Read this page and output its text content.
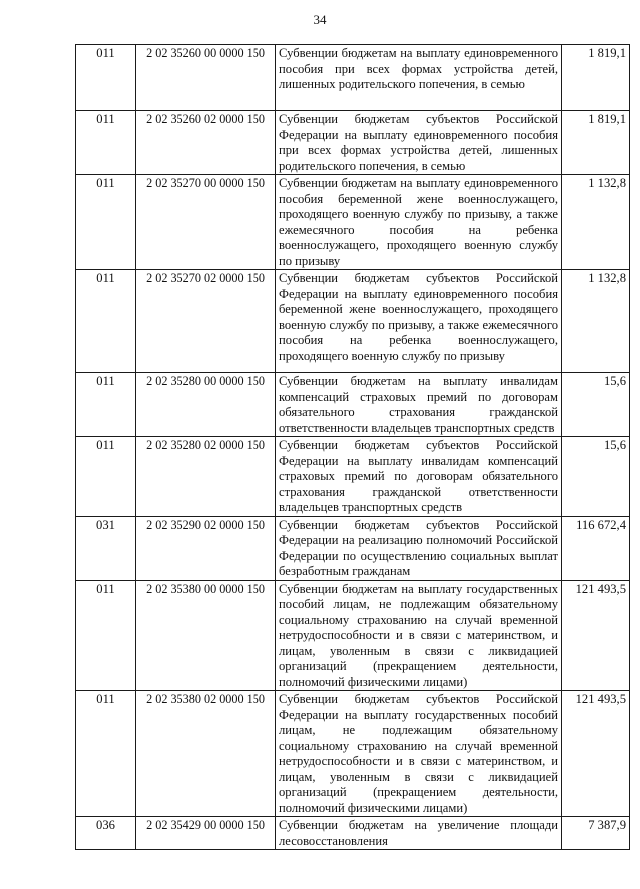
34
011	2 02 35260 00 0000 150	Субвенции бюджетам на выплату единовременного пособия при всех формах устройства детей, лишенных родительского попечения, в семью	1 819,1
011	2 02 35260 02 0000 150	Субвенции бюджетам субъектов Российской Федерации на выплату единовременного пособия при всех формах устройства детей, лишенных родительского попечения, в семью	1 819,1
011	2 02 35270 00 0000 150	Субвенции бюджетам на выплату единовременного пособия беременной жене военнослужащего, проходящего военную службу по призыву, а также ежемесячного пособия на ребенка военнослужащего, проходящего военную службу по призыву	1 132,8
011	2 02 35270 02 0000 150	Субвенции бюджетам субъектов Российской Федерации на выплату единовременного пособия беременной жене военнослужащего, проходящего военную службу по призыву, а также ежемесячного пособия на ребенка военнослужащего, проходящего военную службу по призыву	1 132,8
011	2 02 35280 00 0000 150	Субвенции бюджетам на выплату инвалидам компенсаций страховых премий по договорам обязательного страхования гражданской ответственности владельцев транспортных средств	15,6
011	2 02 35280 02 0000 150	Субвенции бюджетам субъектов Российской Федерации на выплату инвалидам компенсаций страховых премий по договорам обязательного страхования гражданской ответственности владельцев транспортных средств	15,6
031	2 02 35290 02 0000 150	Субвенции бюджетам субъектов Российской Федерации на реализацию полномочий Российской Федерации по осуществлению социальных выплат безработным гражданам	116 672,4
011	2 02 35380 00 0000 150	Субвенции бюджетам на выплату государственных пособий лицам, не подлежащим обязательному социальному страхованию на случай временной нетрудоспособности и в связи с материнством, и лицам, уволенным в связи с ликвидацией организаций (прекращением деятельности, полномочий физическими лицами)	121 493,5
011	2 02 35380 02 0000 150	Субвенции бюджетам субъектов Российской Федерации на выплату государственных пособий лицам, не подлежащим обязательному социальному страхованию на случай временной нетрудоспособности и в связи с материнством, и лицам, уволенным в связи с ликвидацией организаций (прекращением деятельности, полномочий физическими лицами)	121 493,5
036	2 02 35429 00 0000 150	Субвенции бюджетам на увеличение площади лесовосстановления	7 387,9
